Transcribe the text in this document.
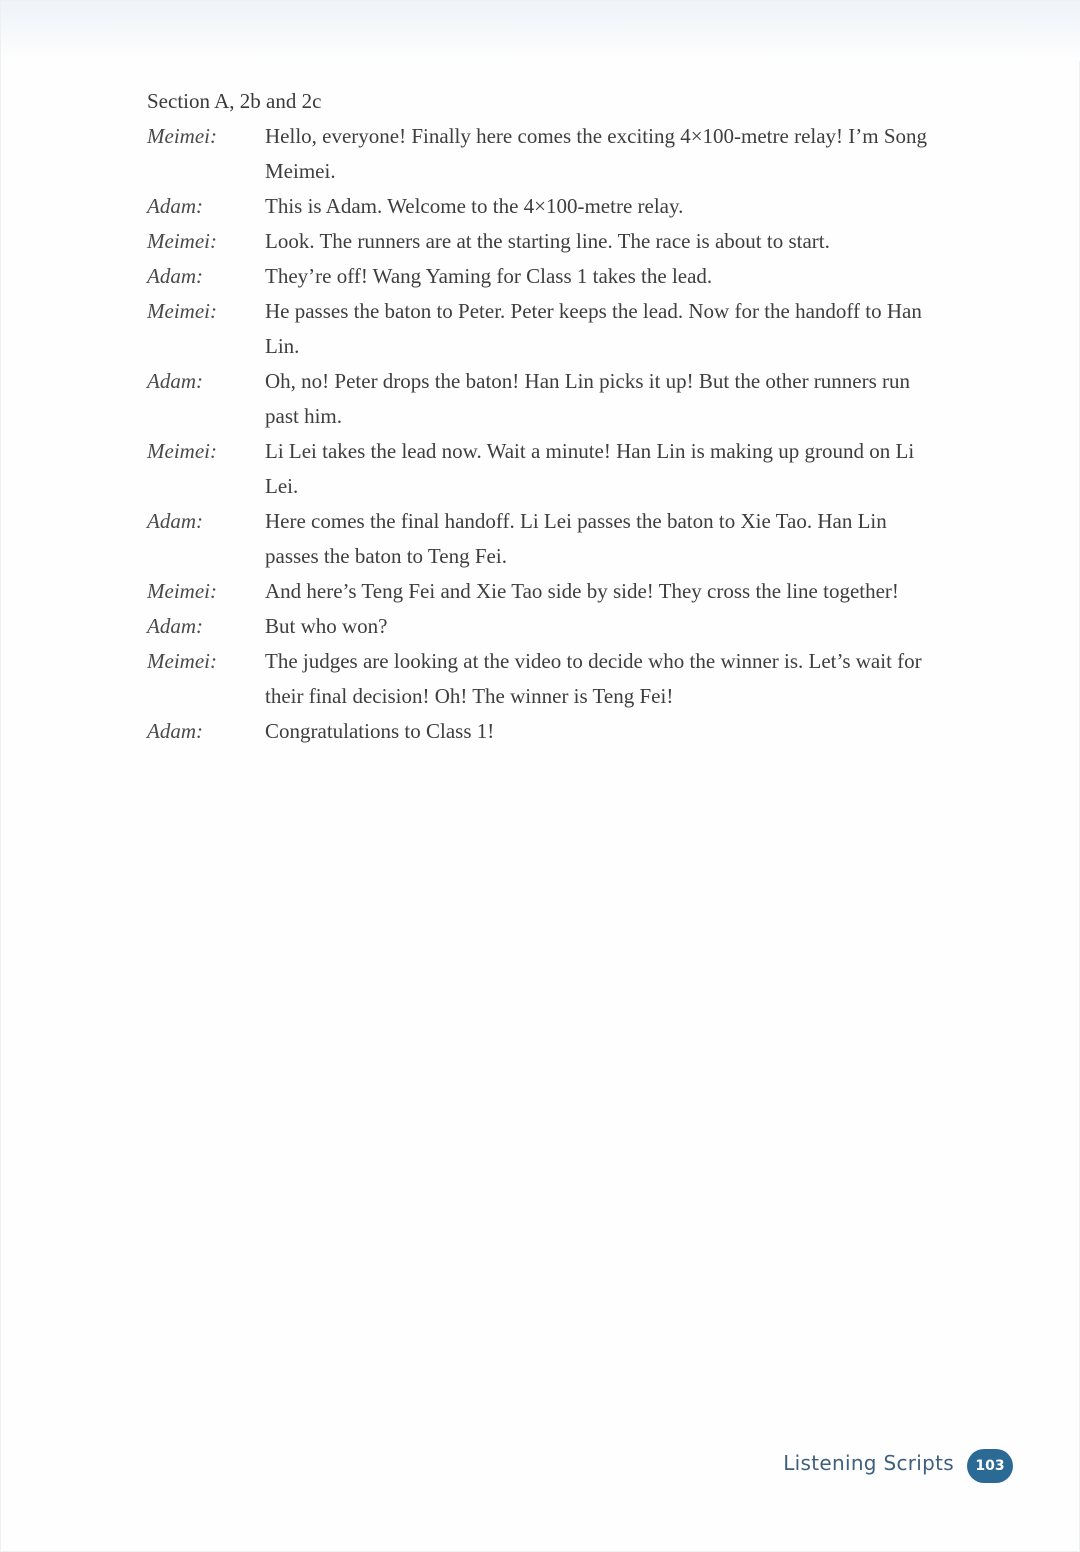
Section A, 2b and 2c
Meimei:	Hello, everyone! Finally here comes the exciting 4×100-metre relay! I’m Song
Meimei.
Adam:	This is Adam. Welcome to the 4×100-metre relay.
Meimei:	Look. The runners are at the starting line. The race is about to start.
Adam:	They’re off! Wang Yaming for Class 1 takes the lead.
Meimei:	He passes the baton to Peter. Peter keeps the lead. Now for the handoff to Han
Lin.
Adam:	Oh, no! Peter drops the baton! Han Lin picks it up! But the other runners run
past him.
Meimei:	Li Lei takes the lead now. Wait a minute! Han Lin is making up ground on Li
Lei.
Adam:	Here comes the final handoff. Li Lei passes the baton to Xie Tao. Han Lin
passes the baton to Teng Fei.
Meimei:	And here’s Teng Fei and Xie Tao side by side! They cross the line together!
Adam:	But who won?
Meimei:	The judges are looking at the video to decide who the winner is. Let’s wait for
their final decision! Oh! The winner is Teng Fei!
Adam:	Congratulations to Class 1!
Listening Scripts	103
